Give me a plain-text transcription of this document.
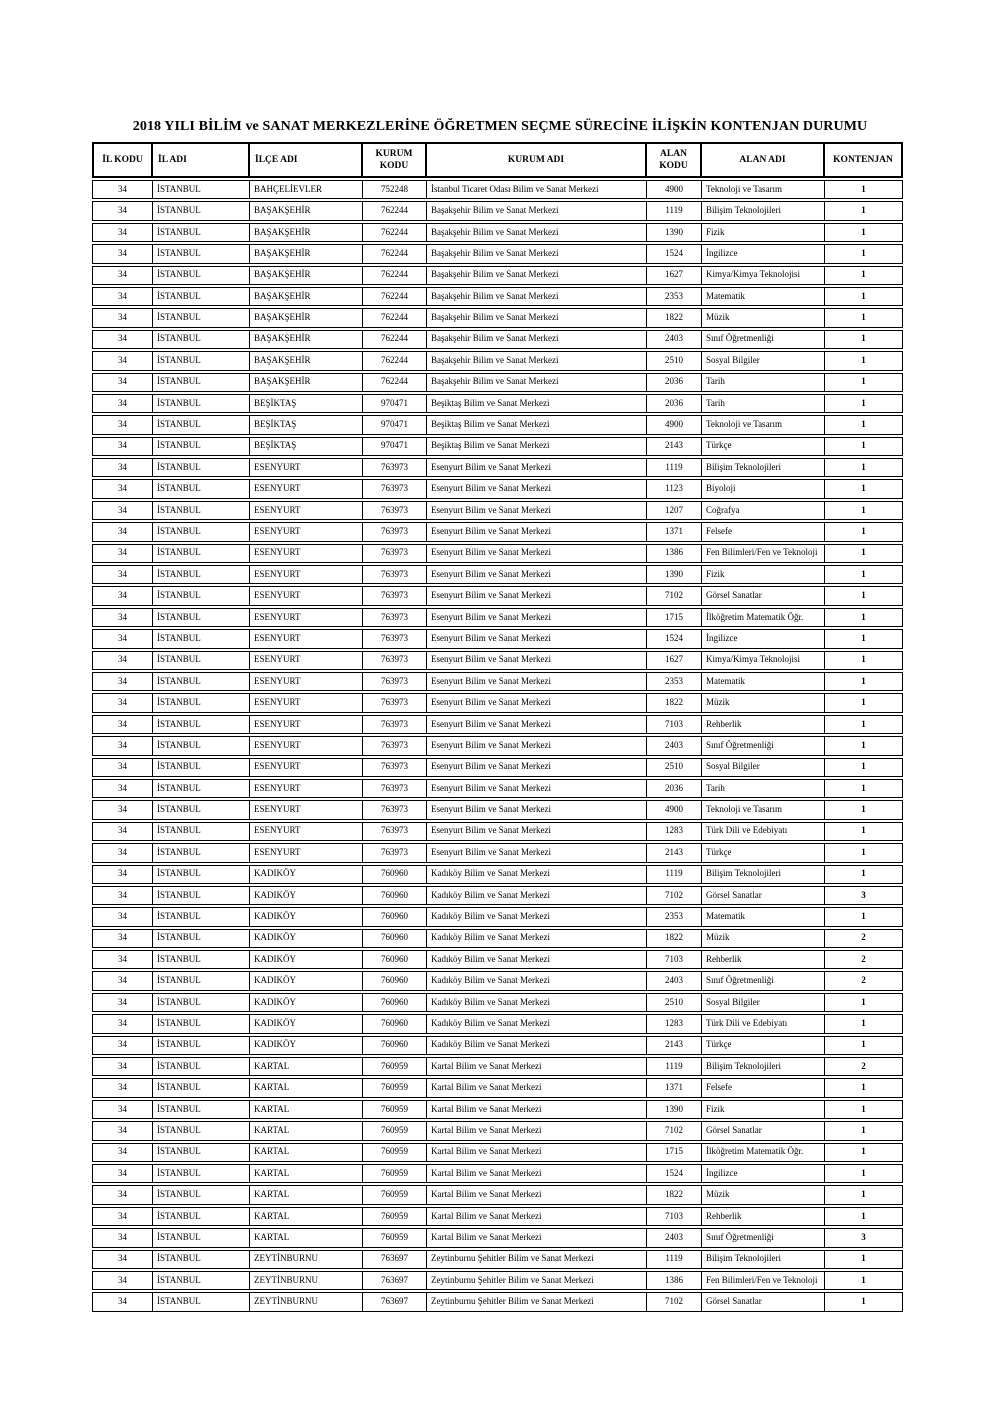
2018 YILI BİLİM ve SANAT MERKEZLERİNE ÖĞRETMEN SEÇME SÜRECİNE İLİŞKİN KONTENJAN DURUMU
İL KODU	İL ADI	İLÇE ADI	KURUM KODU	KURUM ADI	ALAN KODU	ALAN ADI	KONTENJAN
34	İSTANBUL	BAHÇELİEVLER	752248	İstanbul Ticaret Odası Bilim ve Sanat Merkezi	4900	Teknoloji ve Tasarım	1
34	İSTANBUL	BAŞAKŞEHİR	762244	Başakşehir Bilim ve Sanat Merkezi	1119	Bilişim Teknolojileri	1
34	İSTANBUL	BAŞAKŞEHİR	762244	Başakşehir Bilim ve Sanat Merkezi	1390	Fizik	1
34	İSTANBUL	BAŞAKŞEHİR	762244	Başakşehir Bilim ve Sanat Merkezi	1524	İngilizce	1
34	İSTANBUL	BAŞAKŞEHİR	762244	Başakşehir Bilim ve Sanat Merkezi	1627	Kimya/Kimya Teknolojisi	1
34	İSTANBUL	BAŞAKŞEHİR	762244	Başakşehir Bilim ve Sanat Merkezi	2353	Matematik	1
34	İSTANBUL	BAŞAKŞEHİR	762244	Başakşehir Bilim ve Sanat Merkezi	1822	Müzik	1
34	İSTANBUL	BAŞAKŞEHİR	762244	Başakşehir Bilim ve Sanat Merkezi	2403	Sınıf Öğretmenliği	1
34	İSTANBUL	BAŞAKŞEHİR	762244	Başakşehir Bilim ve Sanat Merkezi	2510	Sosyal Bilgiler	1
34	İSTANBUL	BAŞAKŞEHİR	762244	Başakşehir Bilim ve Sanat Merkezi	2036	Tarih	1
34	İSTANBUL	BEŞİKTAŞ	970471	Beşiktaş Bilim ve Sanat Merkezi	2036	Tarih	1
34	İSTANBUL	BEŞİKTAŞ	970471	Beşiktaş Bilim ve Sanat Merkezi	4900	Teknoloji ve Tasarım	1
34	İSTANBUL	BEŞİKTAŞ	970471	Beşiktaş Bilim ve Sanat Merkezi	2143	Türkçe	1
34	İSTANBUL	ESENYURT	763973	Esenyurt Bilim ve Sanat Merkezi	1119	Bilişim Teknolojileri	1
34	İSTANBUL	ESENYURT	763973	Esenyurt Bilim ve Sanat Merkezi	1123	Biyoloji	1
34	İSTANBUL	ESENYURT	763973	Esenyurt Bilim ve Sanat Merkezi	1207	Coğrafya	1
34	İSTANBUL	ESENYURT	763973	Esenyurt Bilim ve Sanat Merkezi	1371	Felsefe	1
34	İSTANBUL	ESENYURT	763973	Esenyurt Bilim ve Sanat Merkezi	1386	Fen Bilimleri/Fen ve Teknoloji	1
34	İSTANBUL	ESENYURT	763973	Esenyurt Bilim ve Sanat Merkezi	1390	Fizik	1
34	İSTANBUL	ESENYURT	763973	Esenyurt Bilim ve Sanat Merkezi	7102	Görsel Sanatlar	1
34	İSTANBUL	ESENYURT	763973	Esenyurt Bilim ve Sanat Merkezi	1715	İlköğretim Matematik Öğr.	1
34	İSTANBUL	ESENYURT	763973	Esenyurt Bilim ve Sanat Merkezi	1524	İngilizce	1
34	İSTANBUL	ESENYURT	763973	Esenyurt Bilim ve Sanat Merkezi	1627	Kimya/Kimya Teknolojisi	1
34	İSTANBUL	ESENYURT	763973	Esenyurt Bilim ve Sanat Merkezi	2353	Matematik	1
34	İSTANBUL	ESENYURT	763973	Esenyurt Bilim ve Sanat Merkezi	1822	Müzik	1
34	İSTANBUL	ESENYURT	763973	Esenyurt Bilim ve Sanat Merkezi	7103	Rehberlik	1
34	İSTANBUL	ESENYURT	763973	Esenyurt Bilim ve Sanat Merkezi	2403	Sınıf Öğretmenliği	1
34	İSTANBUL	ESENYURT	763973	Esenyurt Bilim ve Sanat Merkezi	2510	Sosyal Bilgiler	1
34	İSTANBUL	ESENYURT	763973	Esenyurt Bilim ve Sanat Merkezi	2036	Tarih	1
34	İSTANBUL	ESENYURT	763973	Esenyurt Bilim ve Sanat Merkezi	4900	Teknoloji ve Tasarım	1
34	İSTANBUL	ESENYURT	763973	Esenyurt Bilim ve Sanat Merkezi	1283	Türk Dili ve Edebiyatı	1
34	İSTANBUL	ESENYURT	763973	Esenyurt Bilim ve Sanat Merkezi	2143	Türkçe	1
34	İSTANBUL	KADIKÖY	760960	Kadıköy Bilim ve Sanat Merkezi	1119	Bilişim Teknolojileri	1
34	İSTANBUL	KADIKÖY	760960	Kadıköy Bilim ve Sanat Merkezi	7102	Görsel Sanatlar	3
34	İSTANBUL	KADIKÖY	760960	Kadıköy Bilim ve Sanat Merkezi	2353	Matematik	1
34	İSTANBUL	KADIKÖY	760960	Kadıköy Bilim ve Sanat Merkezi	1822	Müzik	2
34	İSTANBUL	KADIKÖY	760960	Kadıköy Bilim ve Sanat Merkezi	7103	Rehberlik	2
34	İSTANBUL	KADIKÖY	760960	Kadıköy Bilim ve Sanat Merkezi	2403	Sınıf Öğretmenliği	2
34	İSTANBUL	KADIKÖY	760960	Kadıköy Bilim ve Sanat Merkezi	2510	Sosyal Bilgiler	1
34	İSTANBUL	KADIKÖY	760960	Kadıköy Bilim ve Sanat Merkezi	1283	Türk Dili ve Edebiyatı	1
34	İSTANBUL	KADIKÖY	760960	Kadıköy Bilim ve Sanat Merkezi	2143	Türkçe	1
34	İSTANBUL	KARTAL	760959	Kartal Bilim ve Sanat Merkezi	1119	Bilişim Teknolojileri	2
34	İSTANBUL	KARTAL	760959	Kartal Bilim ve Sanat Merkezi	1371	Felsefe	1
34	İSTANBUL	KARTAL	760959	Kartal Bilim ve Sanat Merkezi	1390	Fizik	1
34	İSTANBUL	KARTAL	760959	Kartal Bilim ve Sanat Merkezi	7102	Görsel Sanatlar	1
34	İSTANBUL	KARTAL	760959	Kartal Bilim ve Sanat Merkezi	1715	İlköğretim Matematik Öğr.	1
34	İSTANBUL	KARTAL	760959	Kartal Bilim ve Sanat Merkezi	1524	İngilizce	1
34	İSTANBUL	KARTAL	760959	Kartal Bilim ve Sanat Merkezi	1822	Müzik	1
34	İSTANBUL	KARTAL	760959	Kartal Bilim ve Sanat Merkezi	7103	Rehberlik	1
34	İSTANBUL	KARTAL	760959	Kartal Bilim ve Sanat Merkezi	2403	Sınıf Öğretmenliği	3
34	İSTANBUL	ZEYTİNBURNU	763697	Zeytinburnu Şehitler Bilim ve Sanat Merkezi	1119	Bilişim Teknolojileri	1
34	İSTANBUL	ZEYTİNBURNU	763697	Zeytinburnu Şehitler Bilim ve Sanat Merkezi	1386	Fen Bilimleri/Fen ve Teknoloji	1
34	İSTANBUL	ZEYTİNBURNU	763697	Zeytinburnu Şehitler Bilim ve Sanat Merkezi	7102	Görsel Sanatlar	1
